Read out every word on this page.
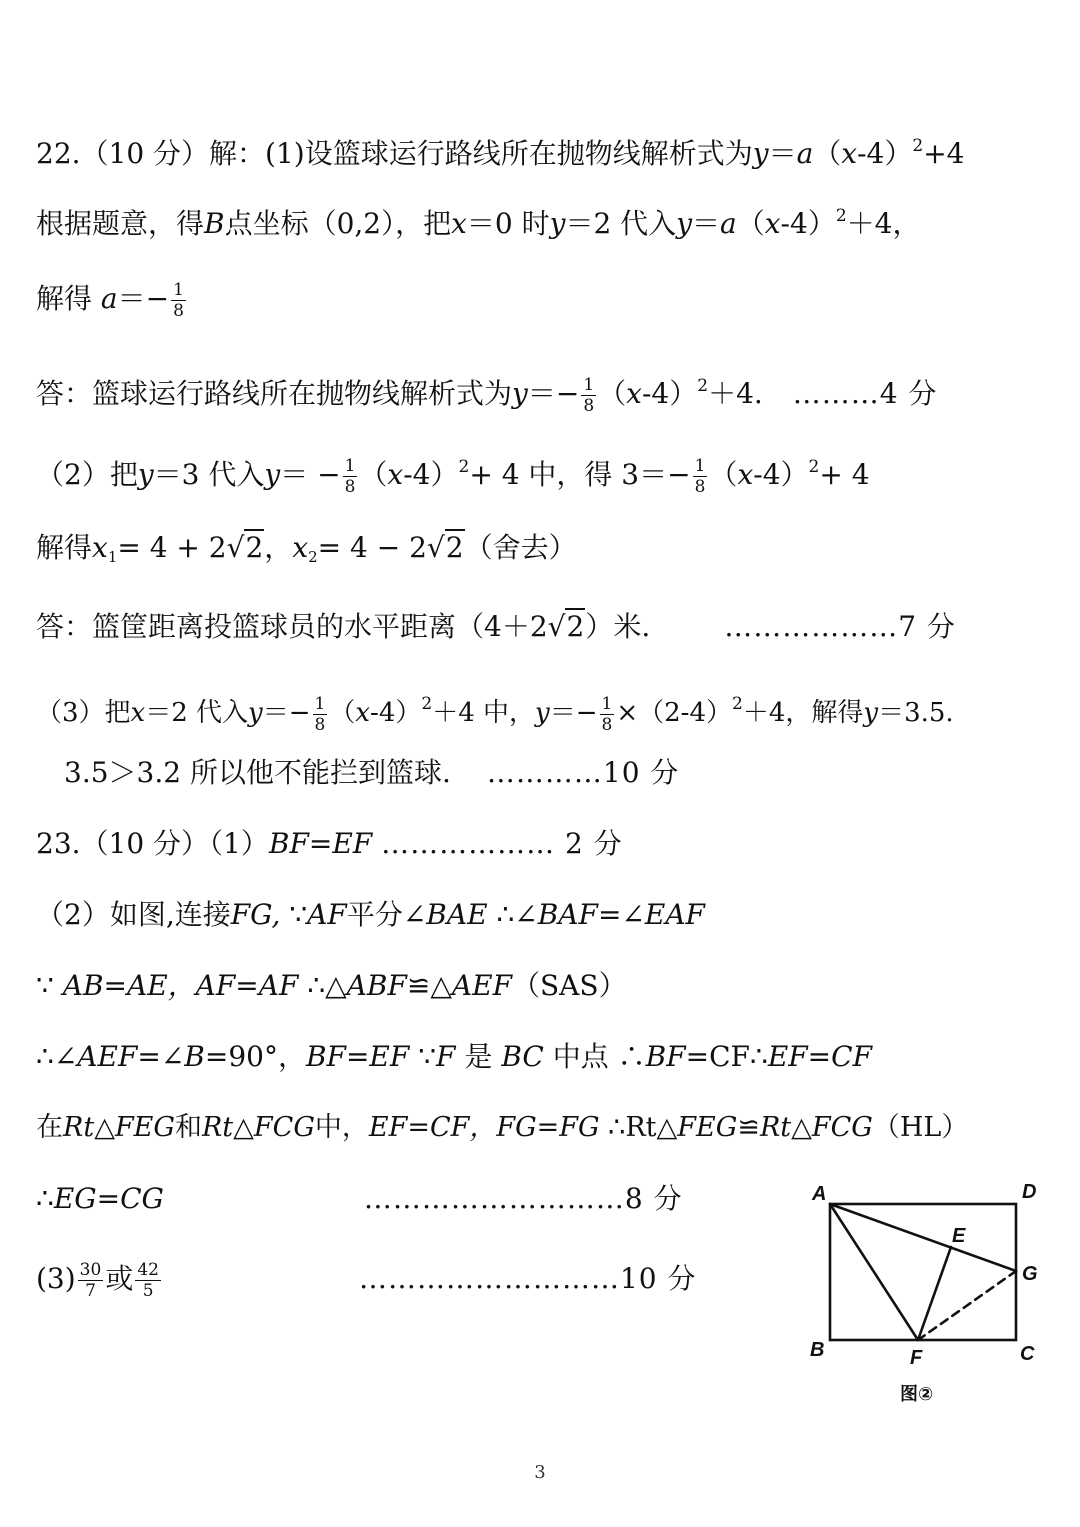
22.（10 分）解：(1)设篮球运行路线所在抛物线解析式为$y=a(x-4)^2+4$
根据题意，得B点坐标（0,2），把x＝0 时y＝2 代入$y=a(x-4)^2+4$，
解得 $a=- \frac{1}{8}$
答：篮球运行路线所在抛物线解析式为$y=- \frac{1}{8} (x-4)^2+4$. ………4 分
（2）把y＝3 代入$y= - \frac{1}{8} (x-4)^2+ 4$ 中，得 $3=- \frac{1}{8} (x-4)^2+ 4$
解得$x_1= 4 + 2√2$，$x_2= 4 - 2√2$（舍去）
答：篮筐距离投篮球员的水平距离（4＋2√2）米.	………………7 分
（3）把x＝2 代入$y=- \frac{1}{8} (x-4)^2+4$ 中，$y=- \frac{1}{8} \times(2-4)^2+4$，解得y＝3.5.
3.5＞3.2 所以他不能拦到篮球. …………10 分
23.（10 分）（1）BF=EF ……………… 2 分
（2）如图,连接FG, ∵AF平分∠BAE ∴∠BAF=∠EAF
∵ AB=AE，AF=AF ∴△ABF≌△AEF（SAS）
∴∠AEF=∠B=90°，BF=EF ∵F 是 BC 中点 ∴BF=CF∴EF=CF
在Rt△FEG和Rt△FCG中，EF=CF，FG=FG ∴Rt△FEG≌Rt△FCG（HL）
∴EG=CG	………………………8 分
$(3) \frac{30}{7}$ 或 $\frac{42}{5}$	………………………10 分
A	D
E
G
B	F	C
图②
3
